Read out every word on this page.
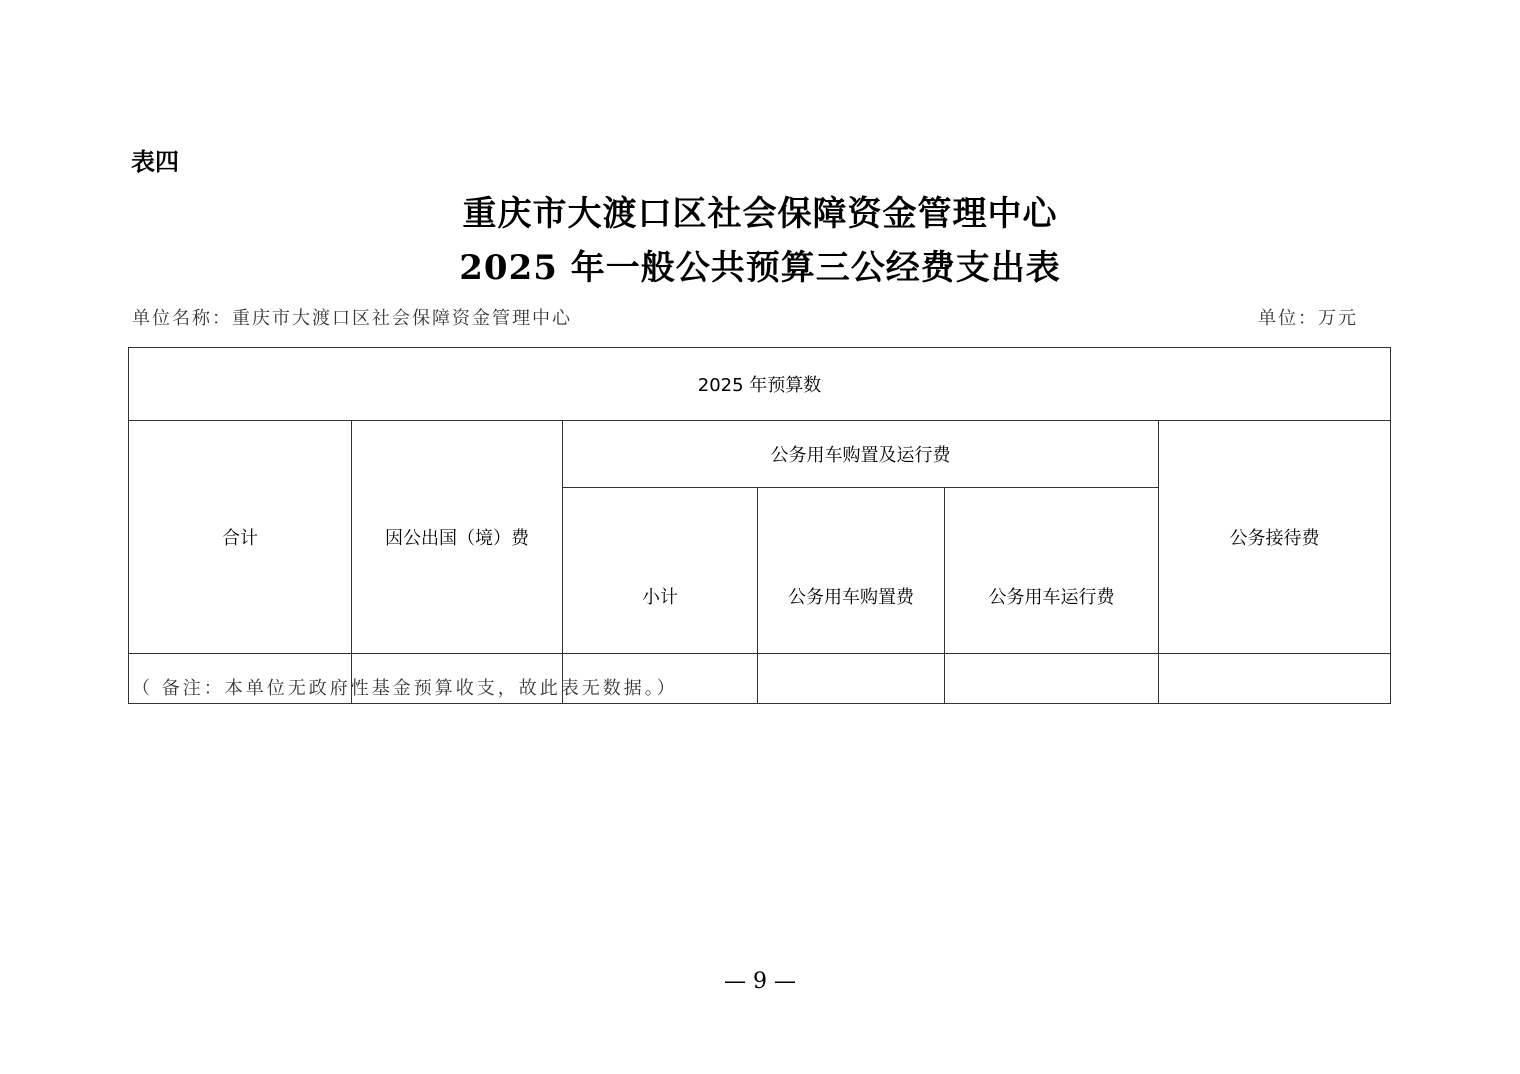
表四
重庆市大渡口区社会保障资金管理中心
2025 年一般公共预算三公经费支出表
单位名称：重庆市大渡口区社会保障资金管理中心	单位：万元
2025 年预算数					
合计	因公出国（境）费	公务用车购置及运行费			公务接待费
		小计	公务用车购置费	公务用车运行费	

（ 备注：本单位无政府性基金预算收支，故此表无数据。）
— 9 —
